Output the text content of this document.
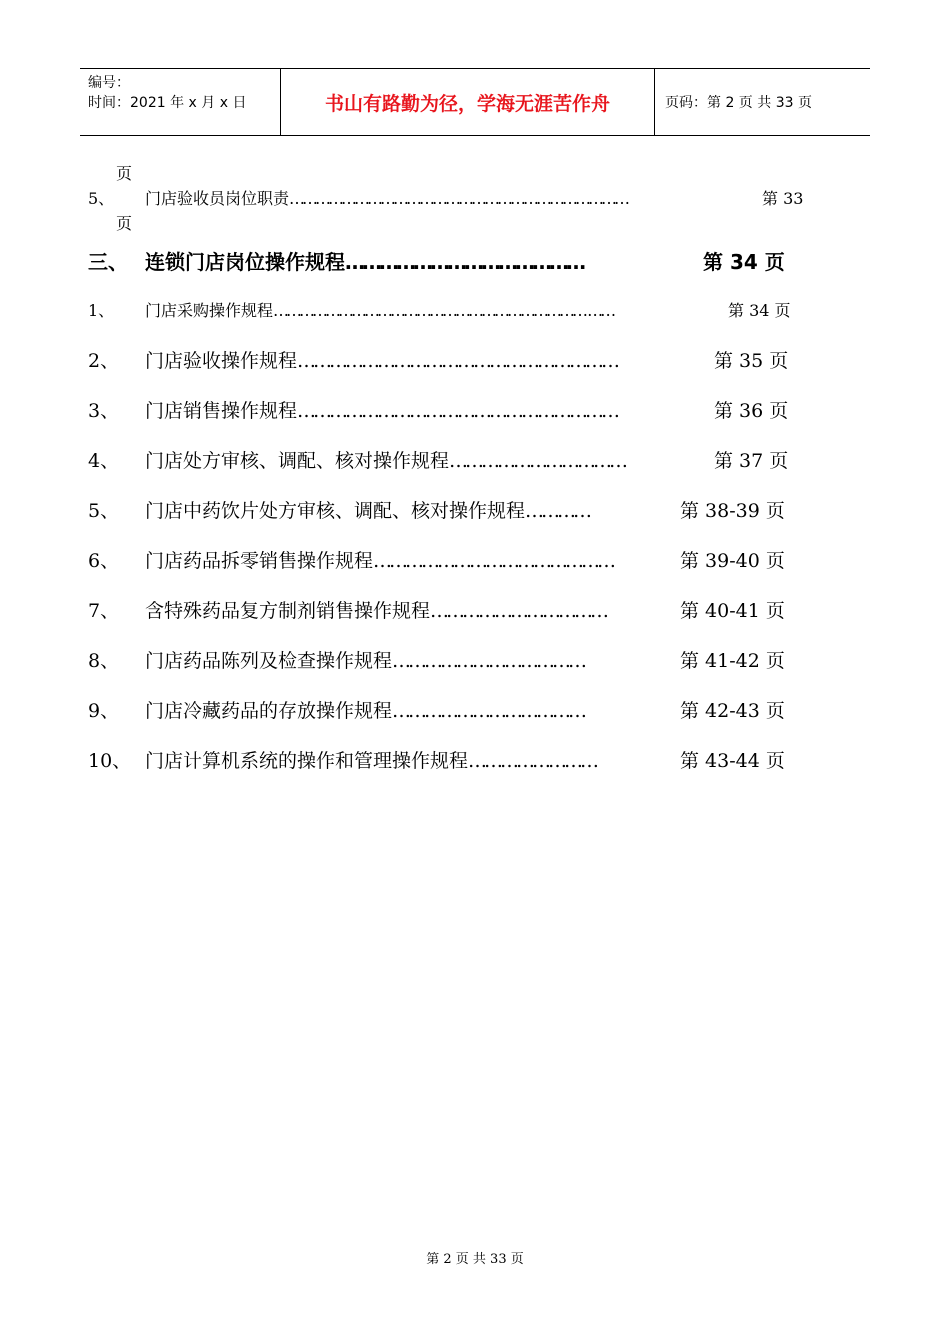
编号：
时间：2021 年 x 月 x 日	书山有路勤为径，学海无涯苦作舟	页码：第 2 页 共 33 页
页
5、 门店验收员岗位职责……………………………………………………………………	第 33
页
三、 连锁门店岗位操作规程……………………………………	第 34 页
1、 门店采购操作规程……………………………………………………………… ……	第 34 页
2、 门店验收操作规程……………………………………………………	第 35 页
3、 门店销售操作规程……………………………………………………	第 36 页
4、 门店处方审核、调配、核对操作规程……………………………	第 37 页
5、 门店中药饮片处方审核、调配、核对操作规程…………	第 38-39 页
6、 门店药品拆零销售操作规程………………………………………	第 39-40 页
7、 含特殊药品复方制剂销售操作规程……………………………	第 40-41 页
8、 门店药品陈列及检查操作规程………………………………	第 41-42 页
9、 门店冷藏药品的存放操作规程………………………………	第 42-43 页
10、 门店计算机系统的操作和管理操作规程……………………	第 43-44 页
第 2 页 共 33 页
